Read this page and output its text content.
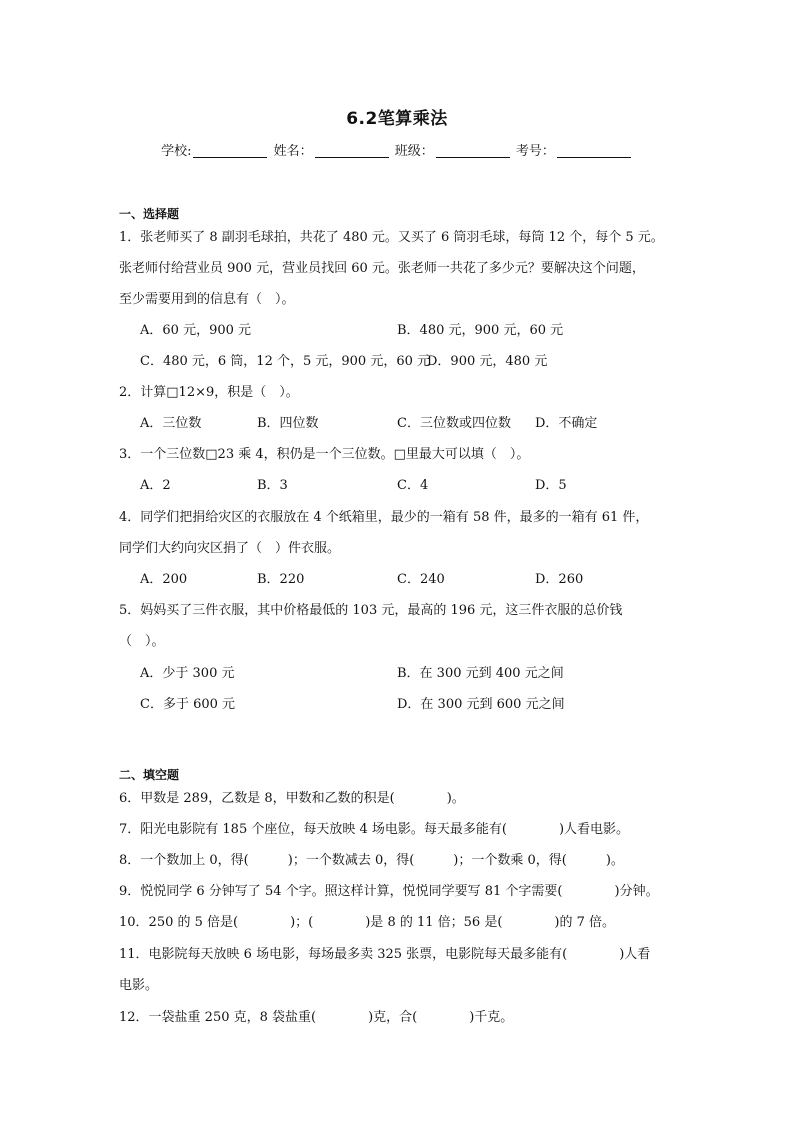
6.2笔算乘法
学校:	姓名：	班级：	考号：
一、选择题
1．张老师买了 8 副羽毛球拍，共花了 480 元。又买了 6 筒羽毛球，每筒 12 个，每个 5 元。
张老师付给营业员 900 元，营业员找回 60 元。张老师一共花了多少元？要解决这个问题，
至少需要用到的信息有（　）。
A．60 元，900 元	B．480 元，900 元，60 元
C．480 元，6 筒，12 个，5 元，900 元，60 元
D．900 元，480 元
2．计算□12×9，积是（　）。
A．三位数	B．四位数	C．三位数或四位数 D．不确定
3．一个三位数□23 乘 4，积仍是一个三位数。□里最大可以填（　）。
A．2	B．3	C．4	D．5
4．同学们把捐给灾区的衣服放在 4 个纸箱里，最少的一箱有 58 件，最多的一箱有 61 件，
同学们大约向灾区捐了（　）件衣服。
A．200	B．220	C．240	D．260
5．妈妈买了三件衣服，其中价格最低的 103 元，最高的 196 元，这三件衣服的总价钱
（　）。
A．少于 300 元	B．在 300 元到 400 元之间
C．多于 600 元	D．在 300 元到 600 元之间
二、填空题
6．甲数是 289，乙数是 8，甲数和乙数的积是(　　　　)。
7．阳光电影院有 185 个座位，每天放映 4 场电影。每天最多能有(　　　　)人看电影。
8．一个数加上 0，得(　　　)；一个数减去 0，得(　　　)；一个数乘 0，得(　　　)。
9．悦悦同学 6 分钟写了 54 个字。照这样计算，悦悦同学要写 81 个字需要(　　　　)分钟。
10．250 的 5 倍是(　　　　)；(　　　　)是 8 的 11 倍；56 是(　　　　)的 7 倍。
11．电影院每天放映 6 场电影，每场最多卖 325 张票，电影院每天最多能有(　　　　)人看
电影。
12．一袋盐重 250 克，8 袋盐重(　　　　)克，合(　　　　)千克。
